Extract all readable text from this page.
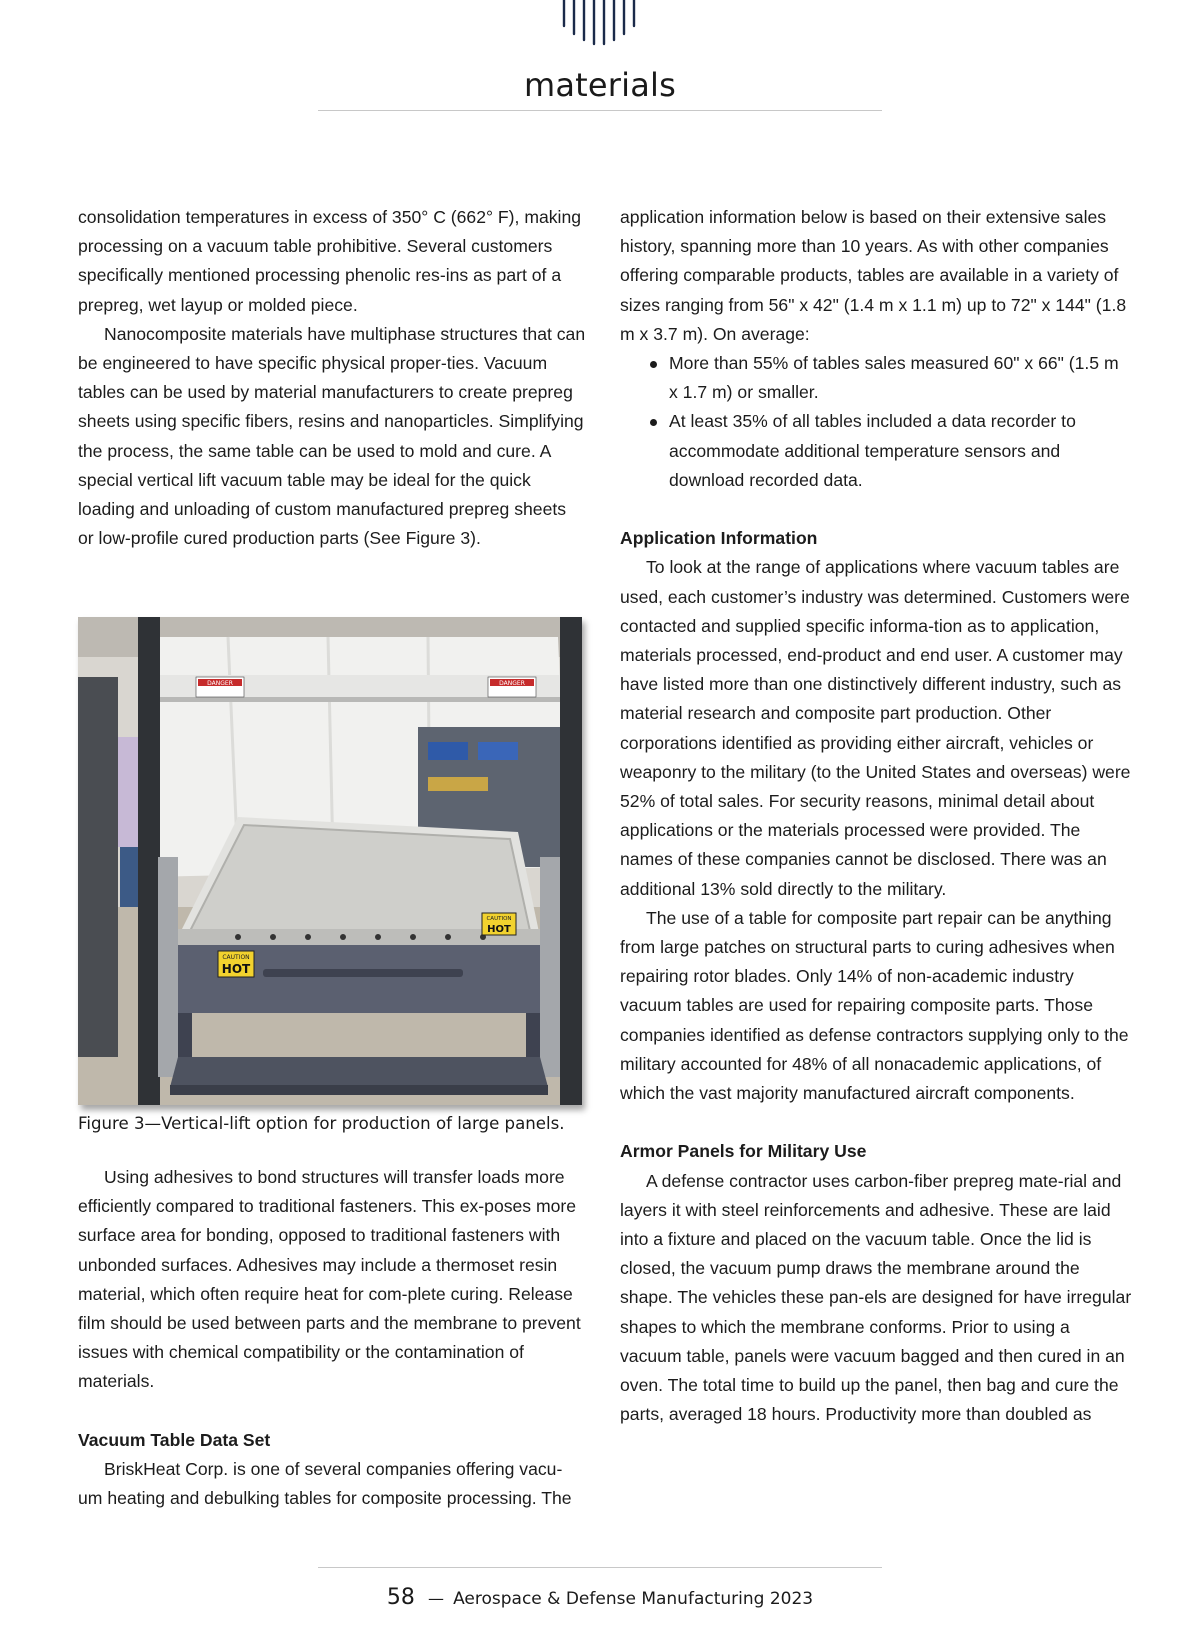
materials

consolidation temperatures in excess of 350° C (662° F), making processing on a vacuum table prohibitive. Several customers specifically mentioned processing phenolic res-ins as part of a prepreg, wet layup or molded piece.

Nanocomposite materials have multiphase structures that can be engineered to have specific physical proper-ties. Vacuum tables can be used by material manufacturers to create prepreg sheets using specific fibers, resins and nanoparticles. Simplifying the process, the same table can be used to mold and cure. A special vertical lift vacuum table may be ideal for the quick loading and unloading of custom manufactured prepreg sheets or low-profile cured production parts (See Figure 3).

DANGER	DANGER
CAUTION
HOT
CAUTION
HOT
Figure 3—Vertical-lift option for production of large panels.

Using adhesives to bond structures will transfer loads more efficiently compared to traditional fasteners. This ex-poses more surface area for bonding, opposed to traditional fasteners with unbonded surfaces. Adhesives may include a thermoset resin material, which often require heat for com-plete curing. Release film should be used between parts and the membrane to prevent issues with chemical compatibility or the contamination of materials.

Vacuum Table Data Set

BriskHeat Corp. is one of several companies offering vacu-um heating and debulking tables for composite processing. The

application information below is based on their extensive sales history, spanning more than 10 years. As with other companies offering comparable products, tables are available in a variety of sizes ranging from 56" x 42" (1.4 m x 1.1 m) up to 72" x 144" (1.8 m x 3.7 m). On average:

More than 55% of tables sales measured 60" x 66" (1.5 m x 1.7 m) or smaller.
At least 35% of all tables included a data recorder to accommodate additional temperature sensors and download recorded data.

Application Information

To look at the range of applications where vacuum tables are used, each customer’s industry was determined. Customers were contacted and supplied specific informa-tion as to application, materials processed, end-product and end user. A customer may have listed more than one distinctively different industry, such as material research and composite part production. Other corporations identified as providing either aircraft, vehicles or weaponry to the military (to the United States and overseas) were 52% of total sales. For security reasons, minimal detail about applications or the materials processed were provided. The names of these companies cannot be disclosed. There was an additional 13% sold directly to the military.

The use of a table for composite part repair can be anything from large patches on structural parts to curing adhesives when repairing rotor blades. Only 14% of non-academic industry vacuum tables are used for repairing composite parts. Those companies identified as defense contractors supplying only to the military accounted for 48% of all nonacademic applications, of which the vast majority manufactured aircraft components.

Armor Panels for Military Use

A defense contractor uses carbon-fiber prepreg mate-rial and layers it with steel reinforcements and adhesive. These are laid into a fixture and placed on the vacuum table. Once the lid is closed, the vacuum pump draws the membrane around the shape. The vehicles these pan-els are designed for have irregular shapes to which the membrane conforms. Prior to using a vacuum table, panels were vacuum bagged and then cured in an oven. The total time to build up the panel, then bag and cure the parts, averaged 18 hours. Productivity more than doubled as

58 — Aerospace & Defense Manufacturing 2023
